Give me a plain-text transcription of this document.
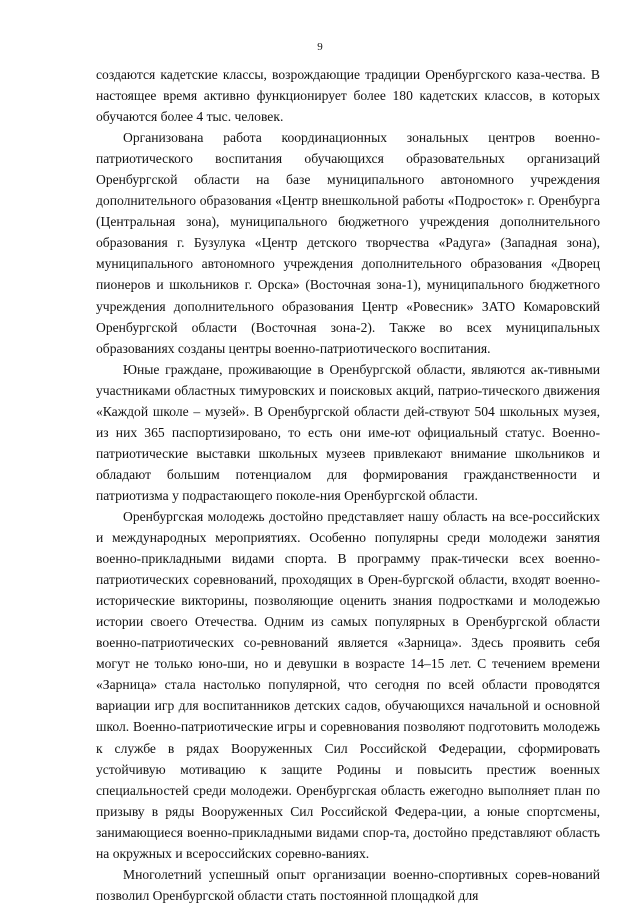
9

создаются кадетские классы, возрождающие традиции Оренбургского каза-чества. В настоящее время активно функционирует более 180 кадетских классов, в которых обучаются более 4 тыс. человек.

Организована работа координационных зональных центров военно-патриотического воспитания обучающихся образовательных организаций Оренбургской области на базе муниципального автономного учреждения дополнительного образования «Центр внешкольной работы «Подросток» г. Оренбурга (Центральная зона), муниципального бюджетного учреждения дополнительного образования г. Бузулука «Центр детского творчества «Радуга» (Западная зона), муниципального автономного учреждения дополнительного образования «Дворец пионеров и школьников г. Орска» (Восточная зона-1), муниципального бюджетного учреждения дополнительного образования Центр «Ровесник» ЗАТО Комаровский Оренбургской области (Восточная зона-2). Также во всех муниципальных образованиях созданы центры военно-патриотического воспитания.

Юные граждане, проживающие в Оренбургской области, являются ак-тивными участниками областных тимуровских и поисковых акций, патрио-тического движения «Каждой школе – музей». В Оренбургской области дей-ствуют 504 школьных музея, из них 365 паспортизировано, то есть они име-ют официальный статус. Военно-патриотические выставки школьных музеев привлекают внимание школьников и обладают большим потенциалом для формирования гражданственности и патриотизма у подрастающего поколе-ния Оренбургской области.

Оренбургская молодежь достойно представляет нашу область на все-российских и международных мероприятиях. Особенно популярны среди молодежи занятия военно-прикладными видами спорта. В программу прак-тически всех военно-патриотических соревнований, проходящих в Орен-бургской области, входят военно-исторические викторины, позволяющие оценить знания подростками и молодежью истории своего Отечества. Одним из самых популярных в Оренбургской области военно-патриотических со-ревнований является «Зарница». Здесь проявить себя могут не только юно-ши, но и девушки в возрасте 14–15 лет. С течением времени «Зарница» стала настолько популярной, что сегодня по всей области проводятся вариации игр для воспитанников детских садов, обучающихся начальной и основной школ. Военно-патриотические игры и соревнования позволяют подготовить молодежь к службе в рядах Вооруженных Сил Российской Федерации, сформировать устойчивую мотивацию к защите Родины и повысить престиж военных специальностей среди молодежи. Оренбургская область ежегодно выполняет план по призыву в ряды Вооруженных Сил Российской Федера-ции, а юные спортсмены, занимающиеся военно-прикладными видами спор-та, достойно представляют область на окружных и всероссийских соревно-ваниях.

Многолетний успешный опыт организации военно-спортивных сорев-нований позволил Оренбургской области стать постоянной площадкой для
